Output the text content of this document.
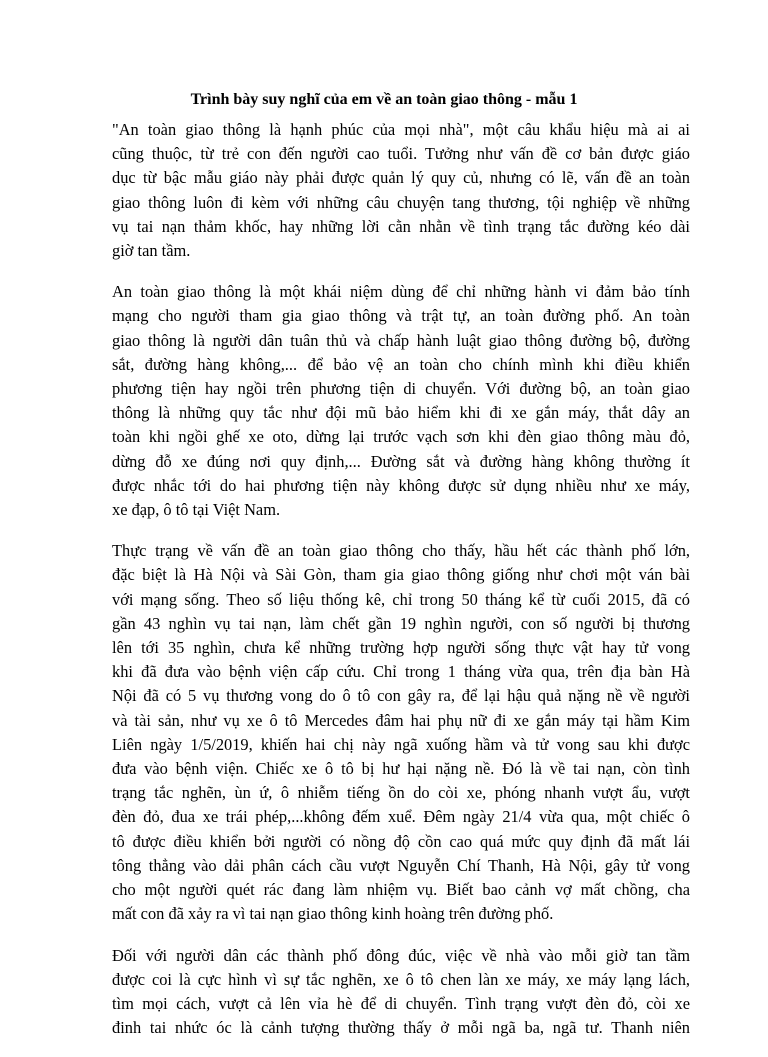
Trình bày suy nghĩ của em về an toàn giao thông - mẫu 1

"An toàn giao thông là hạnh phúc của mọi nhà", một câu khẩu hiệu mà ai ai
cũng thuộc, từ trẻ con đến người cao tuổi. Tưởng như vấn đề cơ bản được giáo
dục từ bậc mẫu giáo này phải được quản lý quy củ, nhưng có lẽ, vấn đề an toàn
giao thông luôn đi kèm với những câu chuyện tang thương, tội nghiệp về những
vụ tai nạn thảm khốc, hay những lời cằn nhằn về tình trạng tắc đường kéo dài
giờ tan tầm.

An toàn giao thông là một khái niệm dùng để chỉ những hành vi đảm bảo tính
mạng cho người tham gia giao thông và trật tự, an toàn đường phố. An toàn
giao thông là người dân tuân thủ và chấp hành luật giao thông đường bộ, đường
sắt, đường hàng không,... để bảo vệ an toàn cho chính mình khi điều khiển
phương tiện hay ngồi trên phương tiện di chuyển. Với đường bộ, an toàn giao
thông là những quy tắc như đội mũ bảo hiểm khi đi xe gắn máy, thắt dây an
toàn khi ngồi ghế xe oto, dừng lại trước vạch sơn khi đèn giao thông màu đỏ,
dừng đỗ xe đúng nơi quy định,... Đường sắt và đường hàng không thường ít
được nhắc tới do hai phương tiện này không được sử dụng nhiều như xe máy,
xe đạp, ô tô tại Việt Nam.

Thực trạng về vấn đề an toàn giao thông cho thấy, hầu hết các thành phố lớn,
đặc biệt là Hà Nội và Sài Gòn, tham gia giao thông giống như chơi một ván bài
với mạng sống. Theo số liệu thống kê, chỉ trong 50 tháng kể từ cuối 2015, đã có
gần 43 nghìn vụ tai nạn, làm chết gần 19 nghìn người, con số người bị thương
lên tới 35 nghìn, chưa kể những trường hợp người sống thực vật hay tử vong
khi đã đưa vào bệnh viện cấp cứu. Chỉ trong 1 tháng vừa qua, trên địa bàn Hà
Nội đã có 5 vụ thương vong do ô tô con gây ra, để lại hậu quả nặng nề về người
và tài sản, như vụ xe ô tô Mercedes đâm hai phụ nữ đi xe gắn máy tại hầm Kim
Liên ngày 1/5/2019, khiến hai chị này ngã xuống hầm và tử vong sau khi được
đưa vào bệnh viện. Chiếc xe ô tô bị hư hại nặng nề. Đó là về tai nạn, còn tình
trạng tắc nghẽn, ùn ứ, ô nhiễm tiếng ồn do còi xe, phóng nhanh vượt ẩu, vượt
đèn đỏ, đua xe trái phép,...không đếm xuể. Đêm ngày 21/4 vừa qua, một chiếc ô
tô được điều khiển bởi người có nồng độ cồn cao quá mức quy định đã mất lái
tông thẳng vào dải phân cách cầu vượt Nguyễn Chí Thanh, Hà Nội, gây tử vong
cho một người quét rác đang làm nhiệm vụ. Biết bao cảnh vợ mất chồng, cha
mất con đã xảy ra vì tai nạn giao thông kinh hoàng trên đường phố.

Đối với người dân các thành phố đông đúc, việc về nhà vào mỗi giờ tan tầm
được coi là cực hình vì sự tắc nghẽn, xe ô tô chen làn xe máy, xe máy lạng lách,
tìm mọi cách, vượt cả lên vỉa hè để di chuyển. Tình trạng vượt đèn đỏ, còi xe
đinh tai nhức óc là cảnh tượng thường thấy ở mỗi ngã ba, ngã tư. Thanh niên
